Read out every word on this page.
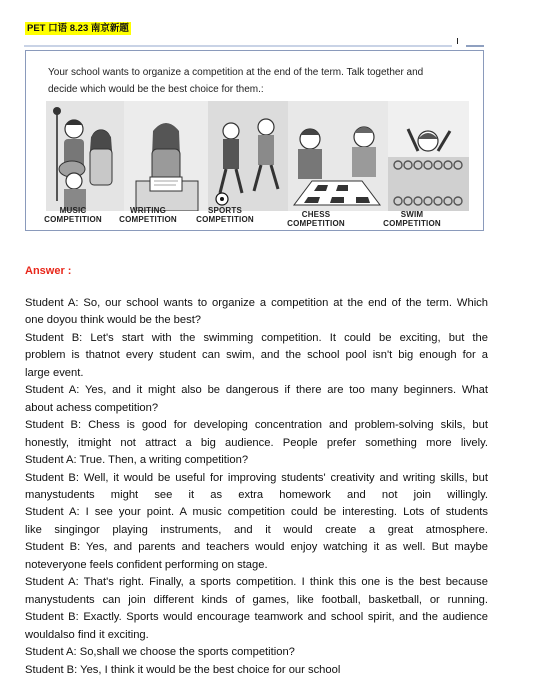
PET 口语 8.23 南京新题
Your school wants to organize a competition at the end of the term. Talk together and
decide which would be the best choice for them.:
MUSIC
COMPETITION
WRITING
COMPETITION
SPORTS
COMPETITION
CHESS
COMPETITION
SWIM
COMPETITION
Answer :
Student A: So, our school wants to organize a competition at the end of the term. Which
one doyou think would be the best?
Student B: Let's start with the swimming competition. It could be exciting, but the
problem is thatnot every student can swim, and the school pool isn't big enough for a
large event.
Student A: Yes, and it might also be dangerous if there are too many beginners. What
about achess competition?
Student B: Chess is good for developing concentration and problem-solving skils, but
honestly, itmight not attract a big audience. People prefer something more lively.
Student A: True. Then, a writing competition?
Student B: Well, it would be useful for improving students' creativity and writing skills, but
manystudents might see it as extra homework and not join willingly.
Student A: I see your point. A music competition could be interesting. Lots of students
like singingor playing instruments, and it would create a great atmosphere.
Student B: Yes, and parents and teachers would enjoy watching it as well. But maybe
noteveryone feels confident performing on stage.
Student A: That's right. Finally, a sports competition. I think this one is the best because
manystudents can join different kinds of games, like football, basketball, or running.
Student B: Exactly. Sports would encourage teamwork and school spirit, and the audience
wouldalso find it exciting.
Student A: So,shall we choose the sports competition?
Student B: Yes, I think it would be the best choice for our school
